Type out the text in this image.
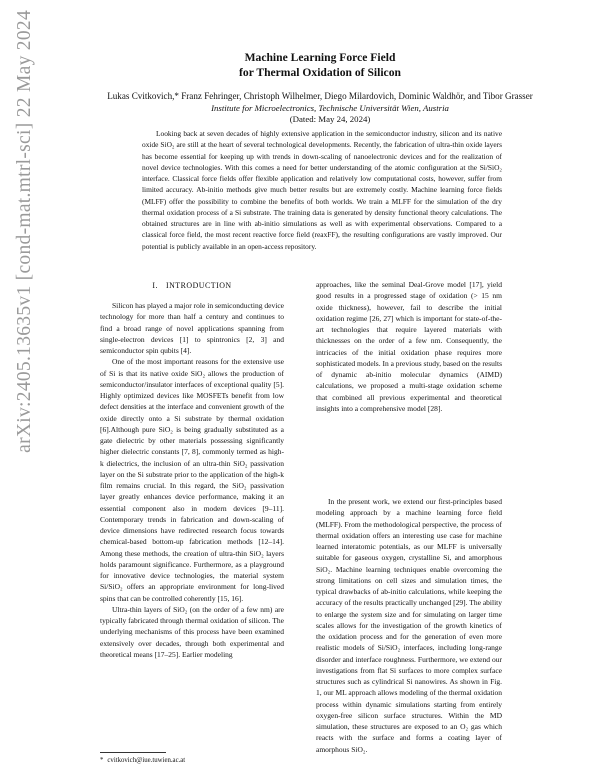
arXiv:2405.13635v1 [cond-mat.mtrl-sci] 22 May 2024	Machine Learning Force Field
for Thermal Oxidation of Silicon
Lukas Cvitkovich,* Franz Fehringer, Christoph Wilhelmer, Diego Milardovich, Dominic Waldhör, and Tibor Grasser
Institute for Microelectronics, Technische Universität Wien, Austria
(Dated: May 24, 2024)
Looking back at seven decades of highly extensive application in the semiconductor industry, silicon and its native oxide SiO₂ are still at the heart of several technological developments. Recently, the fabrication of ultra-thin oxide layers has become essential for keeping up with trends in down-scaling of nanoelectronic devices and for the realization of novel device technologies. With this comes a need for better understanding of the atomic configuration at the Si/SiO₂ interface. Classical force fields offer flexible application and relatively low computational costs, however, suffer from limited accuracy. Ab-initio methods give much better results but are extremely costly. Machine learning force fields (MLFF) offer the possibility to combine the benefits of both worlds. We train a MLFF for the simulation of the dry thermal oxidation process of a Si substrate. The training data is generated by density functional theory calculations. The obtained structures are in line with ab-initio simulations as well as with experimental observations. Compared to a classical force field, the most recent reactive force field (reaxFF), the resulting configurations are vastly improved. Our potential is publicly available in an open-access repository.
I. INTRODUCTION

Silicon has played a major role in semiconducting device technology for more than half a century and continues to find a broad range of novel applications spanning from single-electron devices [1] to spintronics [2, 3] and semiconductor spin qubits [4].

One of the most important reasons for the extensive use of Si is that its native oxide SiO₂ allows the production of semiconductor/insulator interfaces of exceptional quality [5]. Highly optimized devices like MOSFETs benefit from low defect densities at the interface and convenient growth of the oxide directly onto a Si substrate by thermal oxidation [6].Although pure SiO₂ is being gradually substituted as a gate dielectric by other materials possessing significantly higher dielectric constants [7, 8], commonly termed as high-k dielectrics, the inclusion of an ultra-thin SiO₂ passivation layer on the Si substrate prior to the application of the high-k film remains crucial. In this regard, the SiO₂ passivation layer greatly enhances device performance, making it an essential component also in modern devices [9–11]. Contemporary trends in fabrication and down-scaling of device dimensions have redirected research focus towards chemical-based bottom-up fabrication methods [12–14]. Among these methods, the creation of ultra-thin SiO₂ layers holds paramount significance. Furthermore, as a playground for innovative device technologies, the material system Si/SiO₂ offers an appropriate environment for long-lived spins that can be controlled coherently [15, 16].

Ultra-thin layers of SiO₂ (on the order of a few nm) are typically fabricated through thermal oxidation of silicon. The underlying mechanisms of this process have been examined extensively over decades, through both experimental and theoretical means [17–25]. Earlier modeling

approaches, like the seminal Deal-Grove model [17], yield good results in a progressed stage of oxidation (> 15 nm oxide thickness), however, fail to describe the initial oxidation regime [26, 27] which is important for state-of-the-art technologies that require layered materials with thicknesses on the order of a few nm. Consequently, the intricacies of the initial oxidation phase requires more sophisticated models. In a previous study, based on the results of dynamic ab-initio molecular dynamics (AIMD) calculations, we proposed a multi-stage oxidation scheme that combined all previous experimental and theoretical insights into a comprehensive model [28].

In the present work, we extend our first-principles based modeling approach by a machine learning force field (MLFF). From the methodological perspective, the process of thermal oxidation offers an interesting use case for machine learned interatomic potentials, as our MLFF is universally suitable for gaseous oxygen, crystalline Si, and amorphous SiO₂. Machine learning techniques enable overcoming the strong limitations on cell sizes and simulation times, the typical drawbacks of ab-initio calculations, while keeping the accuracy of the results practically unchanged [29]. The ability to enlarge the system size and for simulating on larger time scales allows for the investigation of the growth kinetics of the oxidation process and for the generation of even more realistic models of Si/SiO₂ interfaces, including long-range disorder and interface roughness. Furthermore, we extend our investigations from flat Si surfaces to more complex surface structures such as cylindrical Si nanowires. As shown in Fig. 1, our ML approach allows modeling of the thermal oxidation process within dynamic simulations starting from entirely oxygen-free silicon surface structures. Within the MD simulation, these structures are exposed to an O₂ gas which reacts with the surface and forms a coating layer of amorphous SiO₂.

* cvitkovich@iue.tuwien.ac.at
